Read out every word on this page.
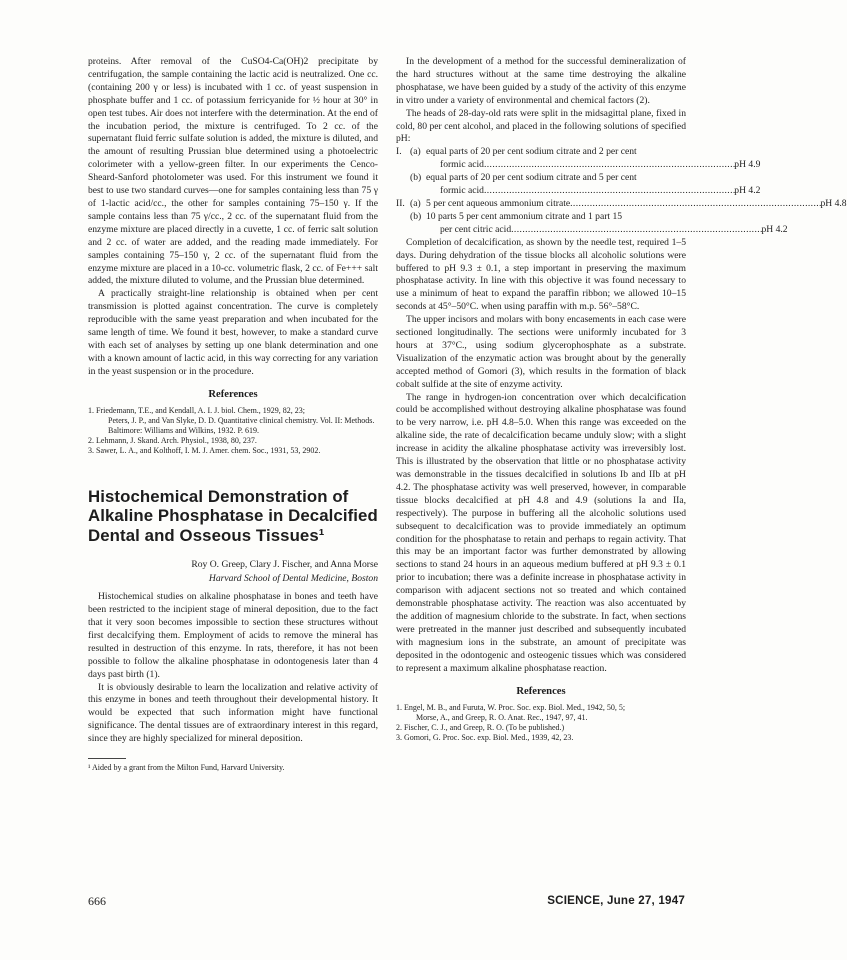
proteins. After removal of the CuSO4-Ca(OH)2 precipitate by centrifugation, the sample containing the lactic acid is neutralized. One cc. (containing 200 γ or less) is incubated with 1 cc. of yeast suspension in phosphate buffer and 1 cc. of potassium ferricyanide for ½ hour at 30° in open test tubes. Air does not interfere with the determination. At the end of the incubation period, the mixture is centrifuged. To 2 cc. of the supernatant fluid ferric sulfate solution is added, the mixture is diluted, and the amount of resulting Prussian blue determined using a photoelectric colorimeter with a yellow-green filter. In our experiments the Cenco-Sheard-Sanford photolometer was used. For this instrument we found it best to use two standard curves—one for samples containing less than 75 γ of 1-lactic acid/cc., the other for samples containing 75–150 γ. If the sample contains less than 75 γ/cc., 2 cc. of the supernatant fluid from the enzyme mixture are placed directly in a cuvette, 1 cc. of ferric salt solution and 2 cc. of water are added, and the reading made immediately. For samples containing 75–150 γ, 2 cc. of the supernatant fluid from the enzyme mixture are placed in a 10-cc. volumetric flask, 2 cc. of Fe+++ salt added, the mixture diluted to volume, and the Prussian blue determined.

A practically straight-line relationship is obtained when per cent transmission is plotted against concentration. The curve is completely reproducible with the same yeast preparation and when incubated for the same length of time. We found it best, however, to make a standard curve with each set of analyses by setting up one blank determination and one with a known amount of lactic acid, in this way correcting for any variation in the yeast suspension or in the procedure.

References

1. Friedemann, T.E., and Kendall, A. I. J. biol. Chem., 1929, 82, 23;
Peters, J. P., and Van Slyke, D. D. Quantitative clinical chemistry. Vol. II: Methods. Baltimore: Williams and Wilkins, 1932. P. 619.

2. Lehmann, J. Skand. Arch. Physiol., 1938, 80, 237.

3. Sawer, L. A., and Kolthoff, I. M. J. Amer. chem. Soc., 1931, 53, 2902.

Histochemical Demonstration of Alkaline Phosphatase in Decalcified Dental and Osseous Tissues¹
Roy O. Greep, Clary J. Fischer, and Anna Morse
Harvard School of Dental Medicine, Boston

Histochemical studies on alkaline phosphatase in bones and teeth have been restricted to the incipient stage of mineral deposition, due to the fact that it very soon becomes impossible to section these structures without first decalcifying them. Employment of acids to remove the mineral has resulted in destruction of this enzyme. In rats, therefore, it has not been possible to follow the alkaline phosphatase in odontogenesis later than 4 days past birth (1).

It is obviously desirable to learn the localization and relative activity of this enzyme in bones and teeth throughout their developmental history. It would be expected that such information might have functional significance. The dental tissues are of extraordinary interest in this regard, since they are highly specialized for mineral deposition.

¹ Aided by a grant from the Milton Fund, Harvard University.

In the development of a method for the successful demineralization of the hard structures without at the same time destroying the alkaline phosphatase, we have been guided by a study of the activity of this enzyme in vitro under a variety of environmental and chemical factors (2).

The heads of 28-day-old rats were split in the midsagittal plane, fixed in cold, 80 per cent alcohol, and placed in the following solutions of specified pH:

I. (a) equal parts of 20 per cent sodium citrate and 2 per cent
formic acid . . .	pH 4.9
(b) equal parts of 20 per cent sodium citrate and 5 per cent
formic acid . . .	pH 4.2
II. (a) 5 per cent aqueous ammonium citrate . . .	pH 4.8
(b) 10 parts 5 per cent ammonium citrate and 1 part 15
per cent citric acid . . .	pH 4.2

Completion of decalcification, as shown by the needle test, required 1–5 days. During dehydration of the tissue blocks all alcoholic solutions were buffered to pH 9.3 ± 0.1, a step important in preserving the maximum phosphatase activity. In line with this objective it was found necessary to use a minimum of heat to expand the paraffin ribbon; we allowed 10–15 seconds at 45°–50°C. when using paraffin with m.p. 56°–58°C.

The upper incisors and molars with bony encasements in each case were sectioned longitudinally. The sections were uniformly incubated for 3 hours at 37°C., using sodium glycerophosphate as a substrate. Visualization of the enzymatic action was brought about by the generally accepted method of Gomori (3), which results in the formation of black cobalt sulfide at the site of enzyme activity.

The range in hydrogen-ion concentration over which decalcification could be accomplished without destroying alkaline phosphatase was found to be very narrow, i.e. pH 4.8–5.0. When this range was exceeded on the alkaline side, the rate of decalcification became unduly slow; with a slight increase in acidity the alkaline phosphatase activity was irreversibly lost. This is illustrated by the observation that little or no phosphatase activity was demonstrable in the tissues decalcified in solutions Ib and IIb at pH 4.2. The phosphatase activity was well preserved, however, in comparable tissue blocks decalcified at pH 4.8 and 4.9 (solutions Ia and IIa, respectively). The purpose in buffering all the alcoholic solutions used subsequent to decalcification was to provide immediately an optimum condition for the phosphatase to retain and perhaps to regain activity. That this may be an important factor was further demonstrated by allowing sections to stand 24 hours in an aqueous medium buffered at pH 9.3 ± 0.1 prior to incubation; there was a definite increase in phosphatase activity in comparison with adjacent sections not so treated and which contained demonstrable phosphatase activity. The reaction was also accentuated by the addition of magnesium chloride to the substrate. In fact, when sections were pretreated in the manner just described and subsequently incubated with magnesium ions in the substrate, an amount of precipitate was deposited in the odontogenic and osteogenic tissues which was considered to represent a maximum alkaline phosphatase reaction.

References

1. Engel, M. B., and Furuta, W. Proc. Soc. exp. Biol. Med., 1942, 50, 5;
Morse, A., and Greep, R. O. Anat. Rec., 1947, 97, 41.

2. Fischer, C. J., and Greep, R. O. (To be published.)

3. Gomori, G. Proc. Soc. exp. Biol. Med., 1939, 42, 23.

666	SCIENCE, June 27, 1947
